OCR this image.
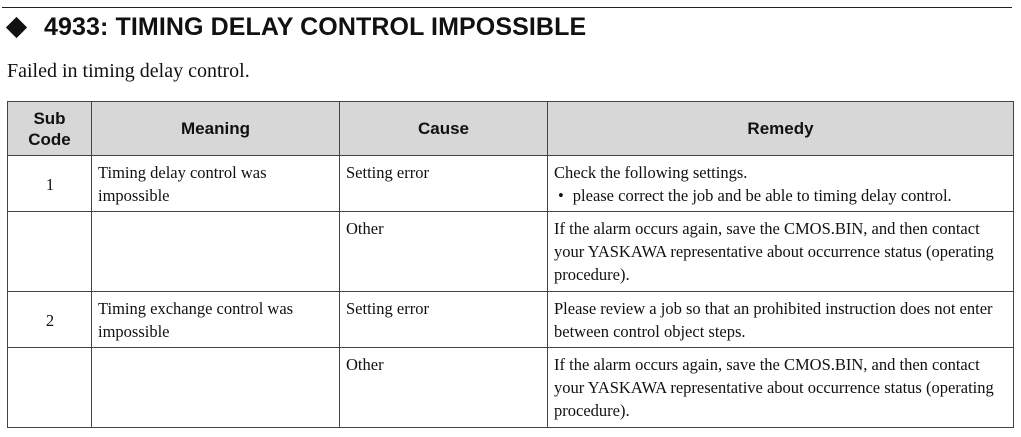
4933: TIMING DELAY CONTROL IMPOSSIBLE
Failed in timing delay control.
Sub
Code	Meaning	Cause	Remedy
1	Timing delay control was impossible	Setting error	Check the following settings.
• please correct the job and be able to timing delay control.

		Other	If the alarm occurs again, save the CMOS.BIN, and then contact your YASKAWA representative about occurrence status (operating procedure).
2	Timing exchange control was impossible	Setting error	Please review a job so that an prohibited instruction does not enter between control object steps.
		Other	If the alarm occurs again, save the CMOS.BIN, and then contact your YASKAWA representative about occurrence status (operating procedure).
